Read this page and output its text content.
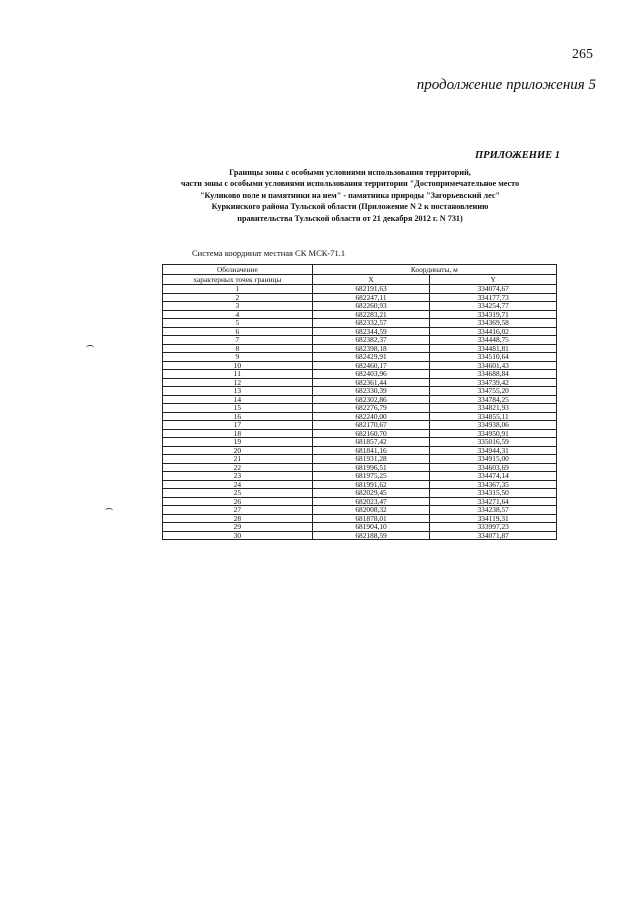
265
продолжение приложения 5
ПРИЛОЖЕНИЕ 1
Границы зоны с особыми условиями использования территорий,
части зоны с особыми условиями использования территории "Достопримечательное место
"Куликово поле и памятники на нем" - памятника природы "Загорьевский лес"
Куркинского района Тульской области (Приложение N 2 к постановлению
правительства Тульской области от 21 декабря 2012 г. N 731)
Система координат местная СК МСК-71.1
Обозначение	Координаты, м	
характерных точек границы		
	X	Y
1	682191,63	334074,67
2	682247,11	334177,73
3	682260,93	334254,77
4	682283,21	334319,71
5	682332,57	334369,58
6	682344,59	334416,02
7	682382,37	334448,75
8	682398,18	334481,81
9	682429,91	334510,64
10	682460,17	334601,43
11	682403,96	334688,84
12	682361,44	334739,42
13	682330,39	334755,20
14	682302,86	334784,25
15	682276,79	334821,93
16	682240,00	334855,11
17	682170,67	334938,06
18	682160,70	334950,91
19	681857,42	335016,59
20	681841,16	334944,31
21	681931,28	334915,00
22	681996,51	334603,69
23	681975,25	334474,14
24	681991,62	334367,35
25	682029,45	334315,50
26	682023,47	334271,64
27	682008,32	334238,57
28	681878,01	334119,31
29	681904,10	333997,23
30	682188,59	334071,87
